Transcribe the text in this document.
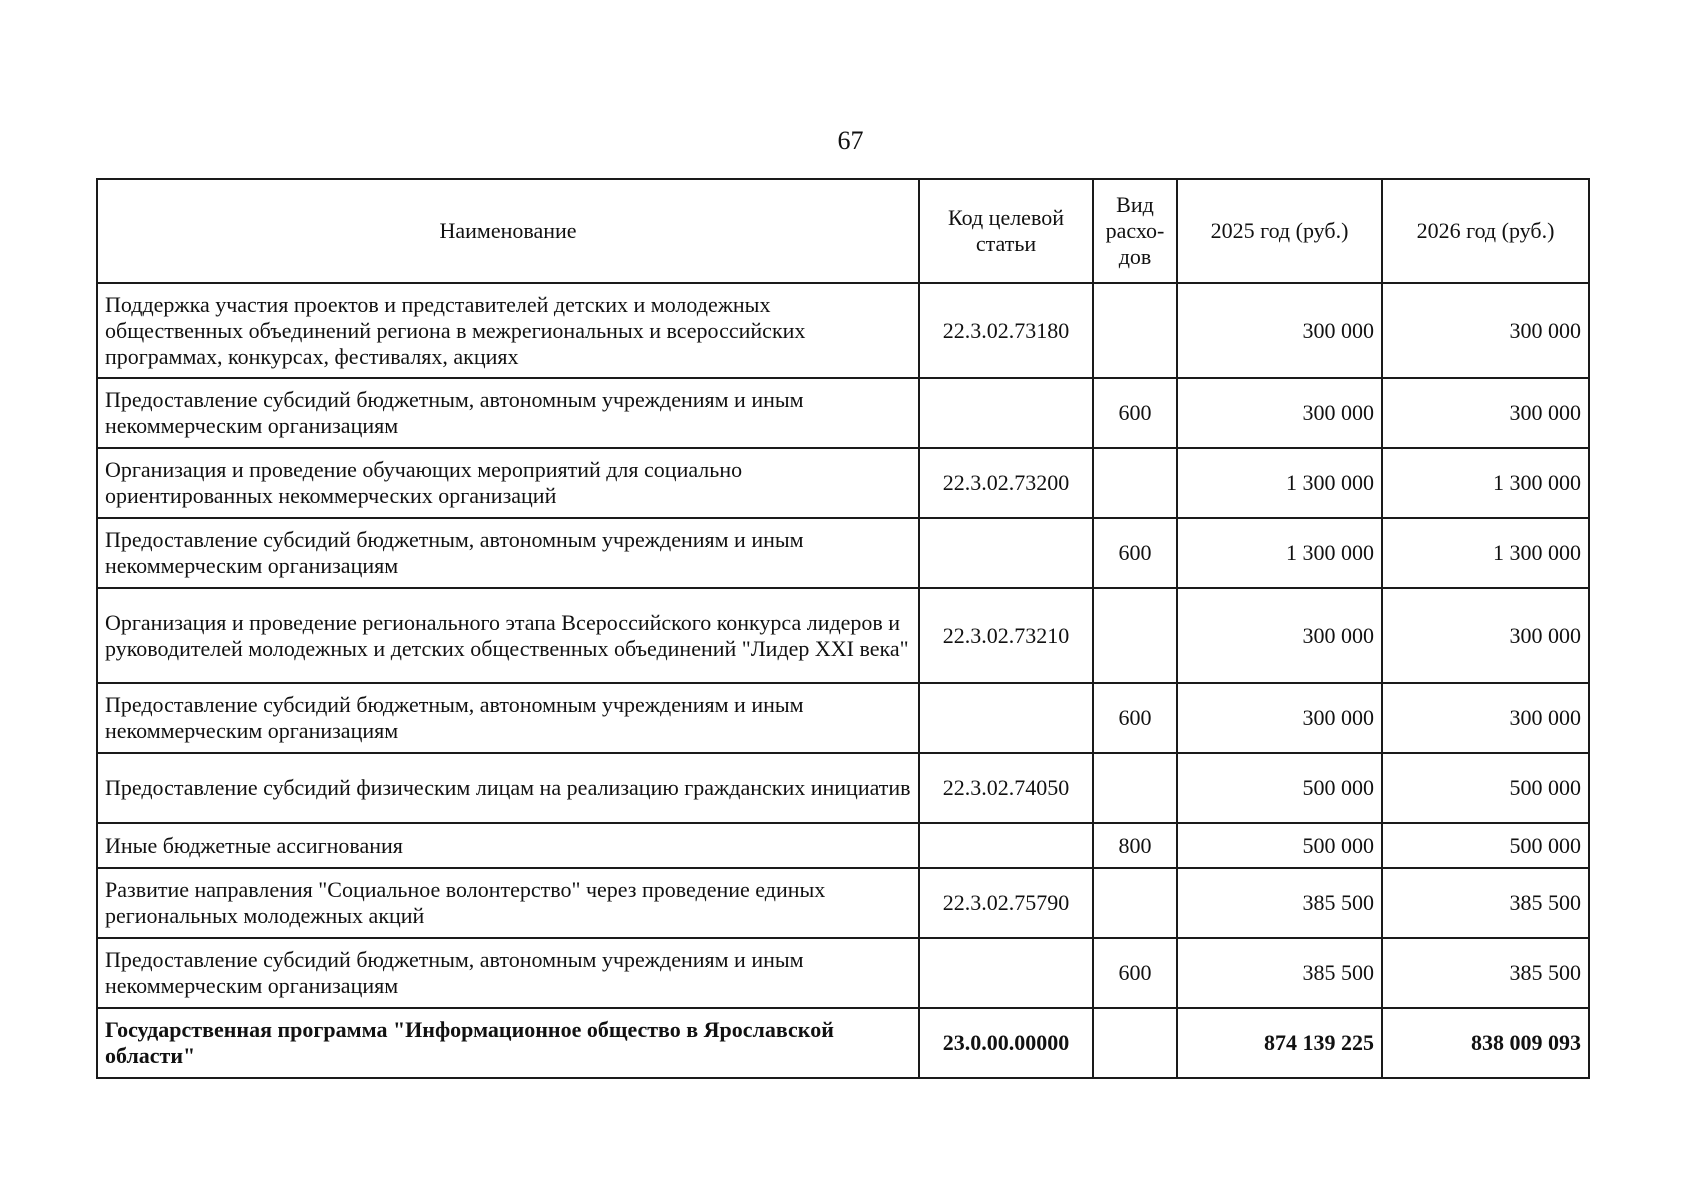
67
Наименование	Код целевой статьи	Вид расхо-дов	2025 год (руб.)	2026 год (руб.)
Поддержка участия проектов и представителей детских и молодежных общественных объединений региона в межрегиональных и всероссийских программах, конкурсах, фестивалях, акциях	22.3.02.73180		300 000	300 000
Предоставление субсидий бюджетным, автономным учреждениям и иным некоммерческим организациям		600	300 000	300 000
Организация и проведение обучающих мероприятий для социально ориентированных некоммерческих организаций	22.3.02.73200		1 300 000	1 300 000
Предоставление субсидий бюджетным, автономным учреждениям и иным некоммерческим организациям		600	1 300 000	1 300 000
Организация и проведение регионального этапа Всероссийского конкурса лидеров и руководителей молодежных и детских общественных объединений "Лидер XXI века"	22.3.02.73210		300 000	300 000
Предоставление субсидий бюджетным, автономным учреждениям и иным некоммерческим организациям		600	300 000	300 000
Предоставление субсидий физическим лицам на реализацию гражданских инициатив	22.3.02.74050		500 000	500 000
Иные бюджетные ассигнования		800	500 000	500 000
Развитие направления "Социальное волонтерство" через проведение единых региональных молодежных акций	22.3.02.75790		385 500	385 500
Предоставление субсидий бюджетным, автономным учреждениям и иным некоммерческим организациям		600	385 500	385 500
Государственная программа "Информационное общество в Ярославской области"	23.0.00.00000		874 139 225	838 009 093
